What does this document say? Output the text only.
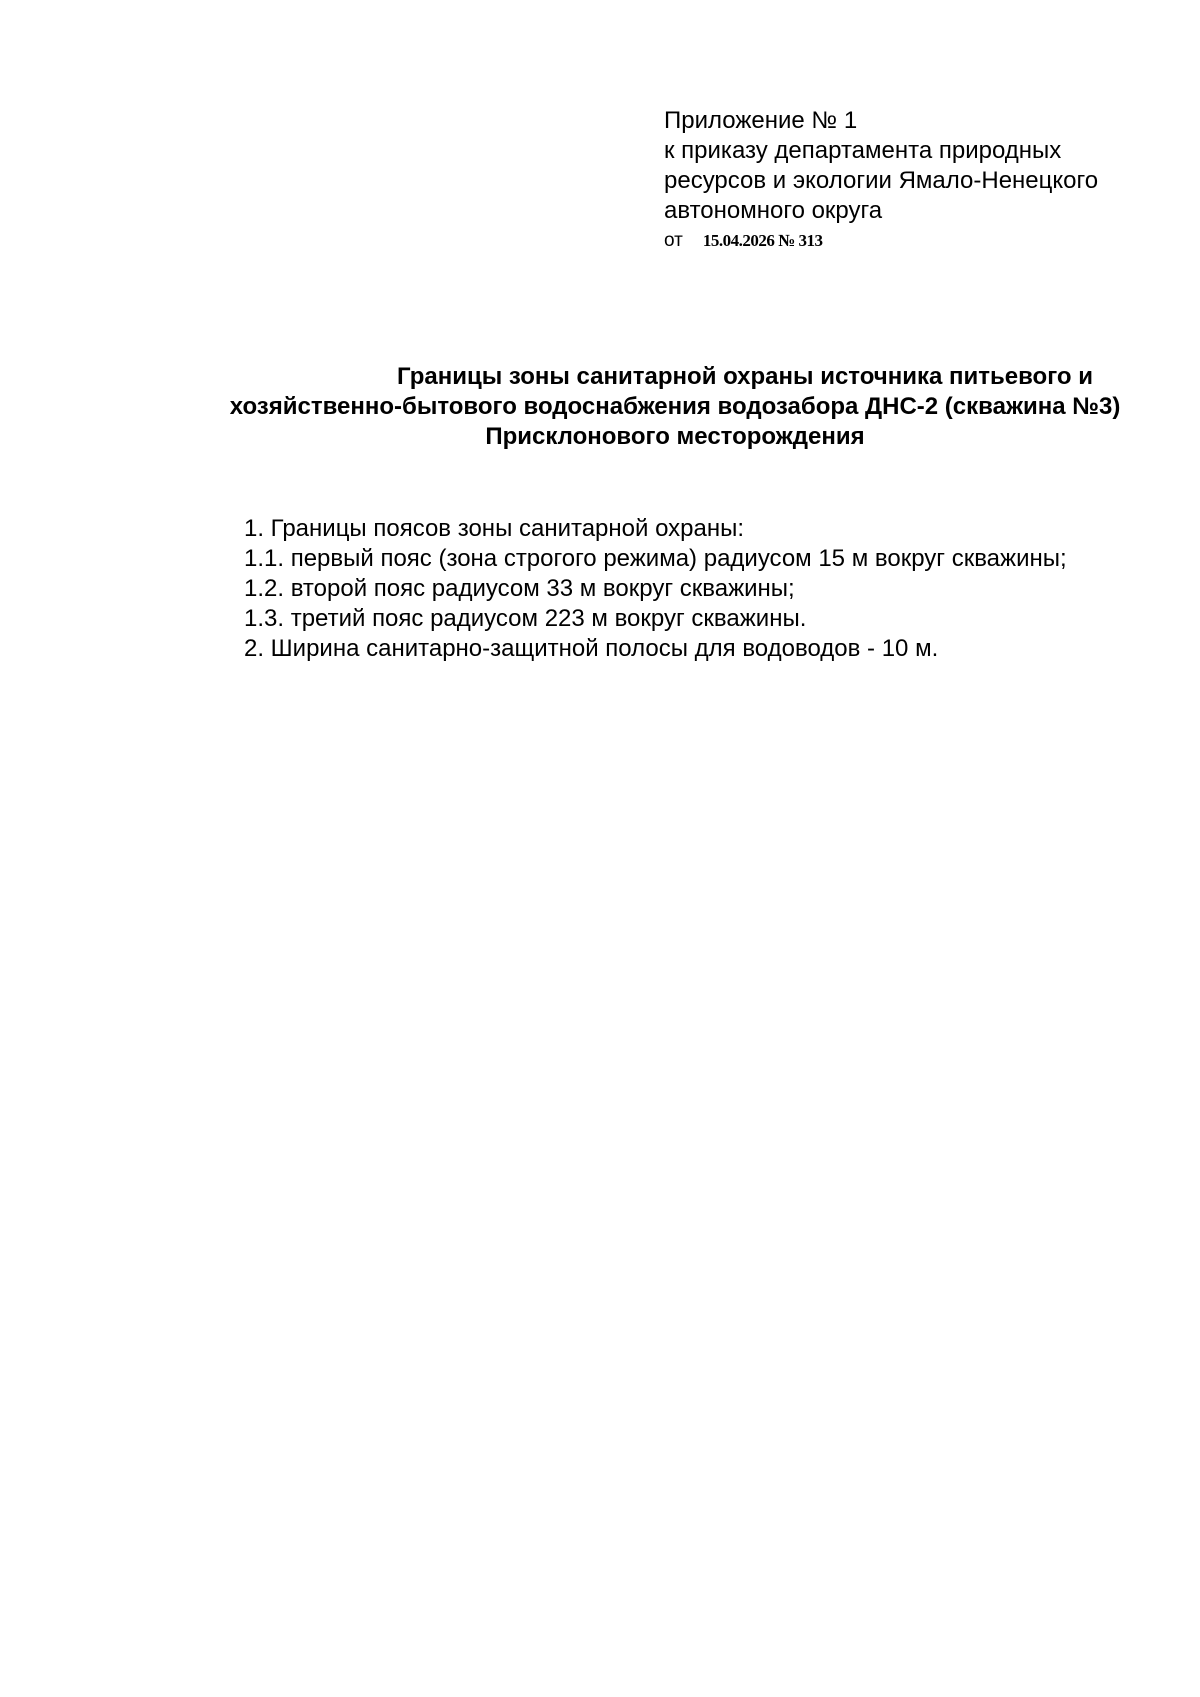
Приложение № 1
к приказу департамента природных
ресурсов и экологии Ямало-Ненецкого
автономного округа
от 15.04.2026 № 313
Границы зоны санитарной охраны источника питьевого и
хозяйственно-бытового водоснабжения водозабора ДНС-2 (скважина №3)
Присклонового месторождения
1. Границы поясов зоны санитарной охраны:
1.1. первый пояс (зона строгого режима) радиусом 15 м вокруг скважины;
1.2. второй пояс радиусом 33 м вокруг скважины;
1.3. третий пояс радиусом 223 м вокруг скважины.
2. Ширина санитарно-защитной полосы для водоводов - 10 м.
